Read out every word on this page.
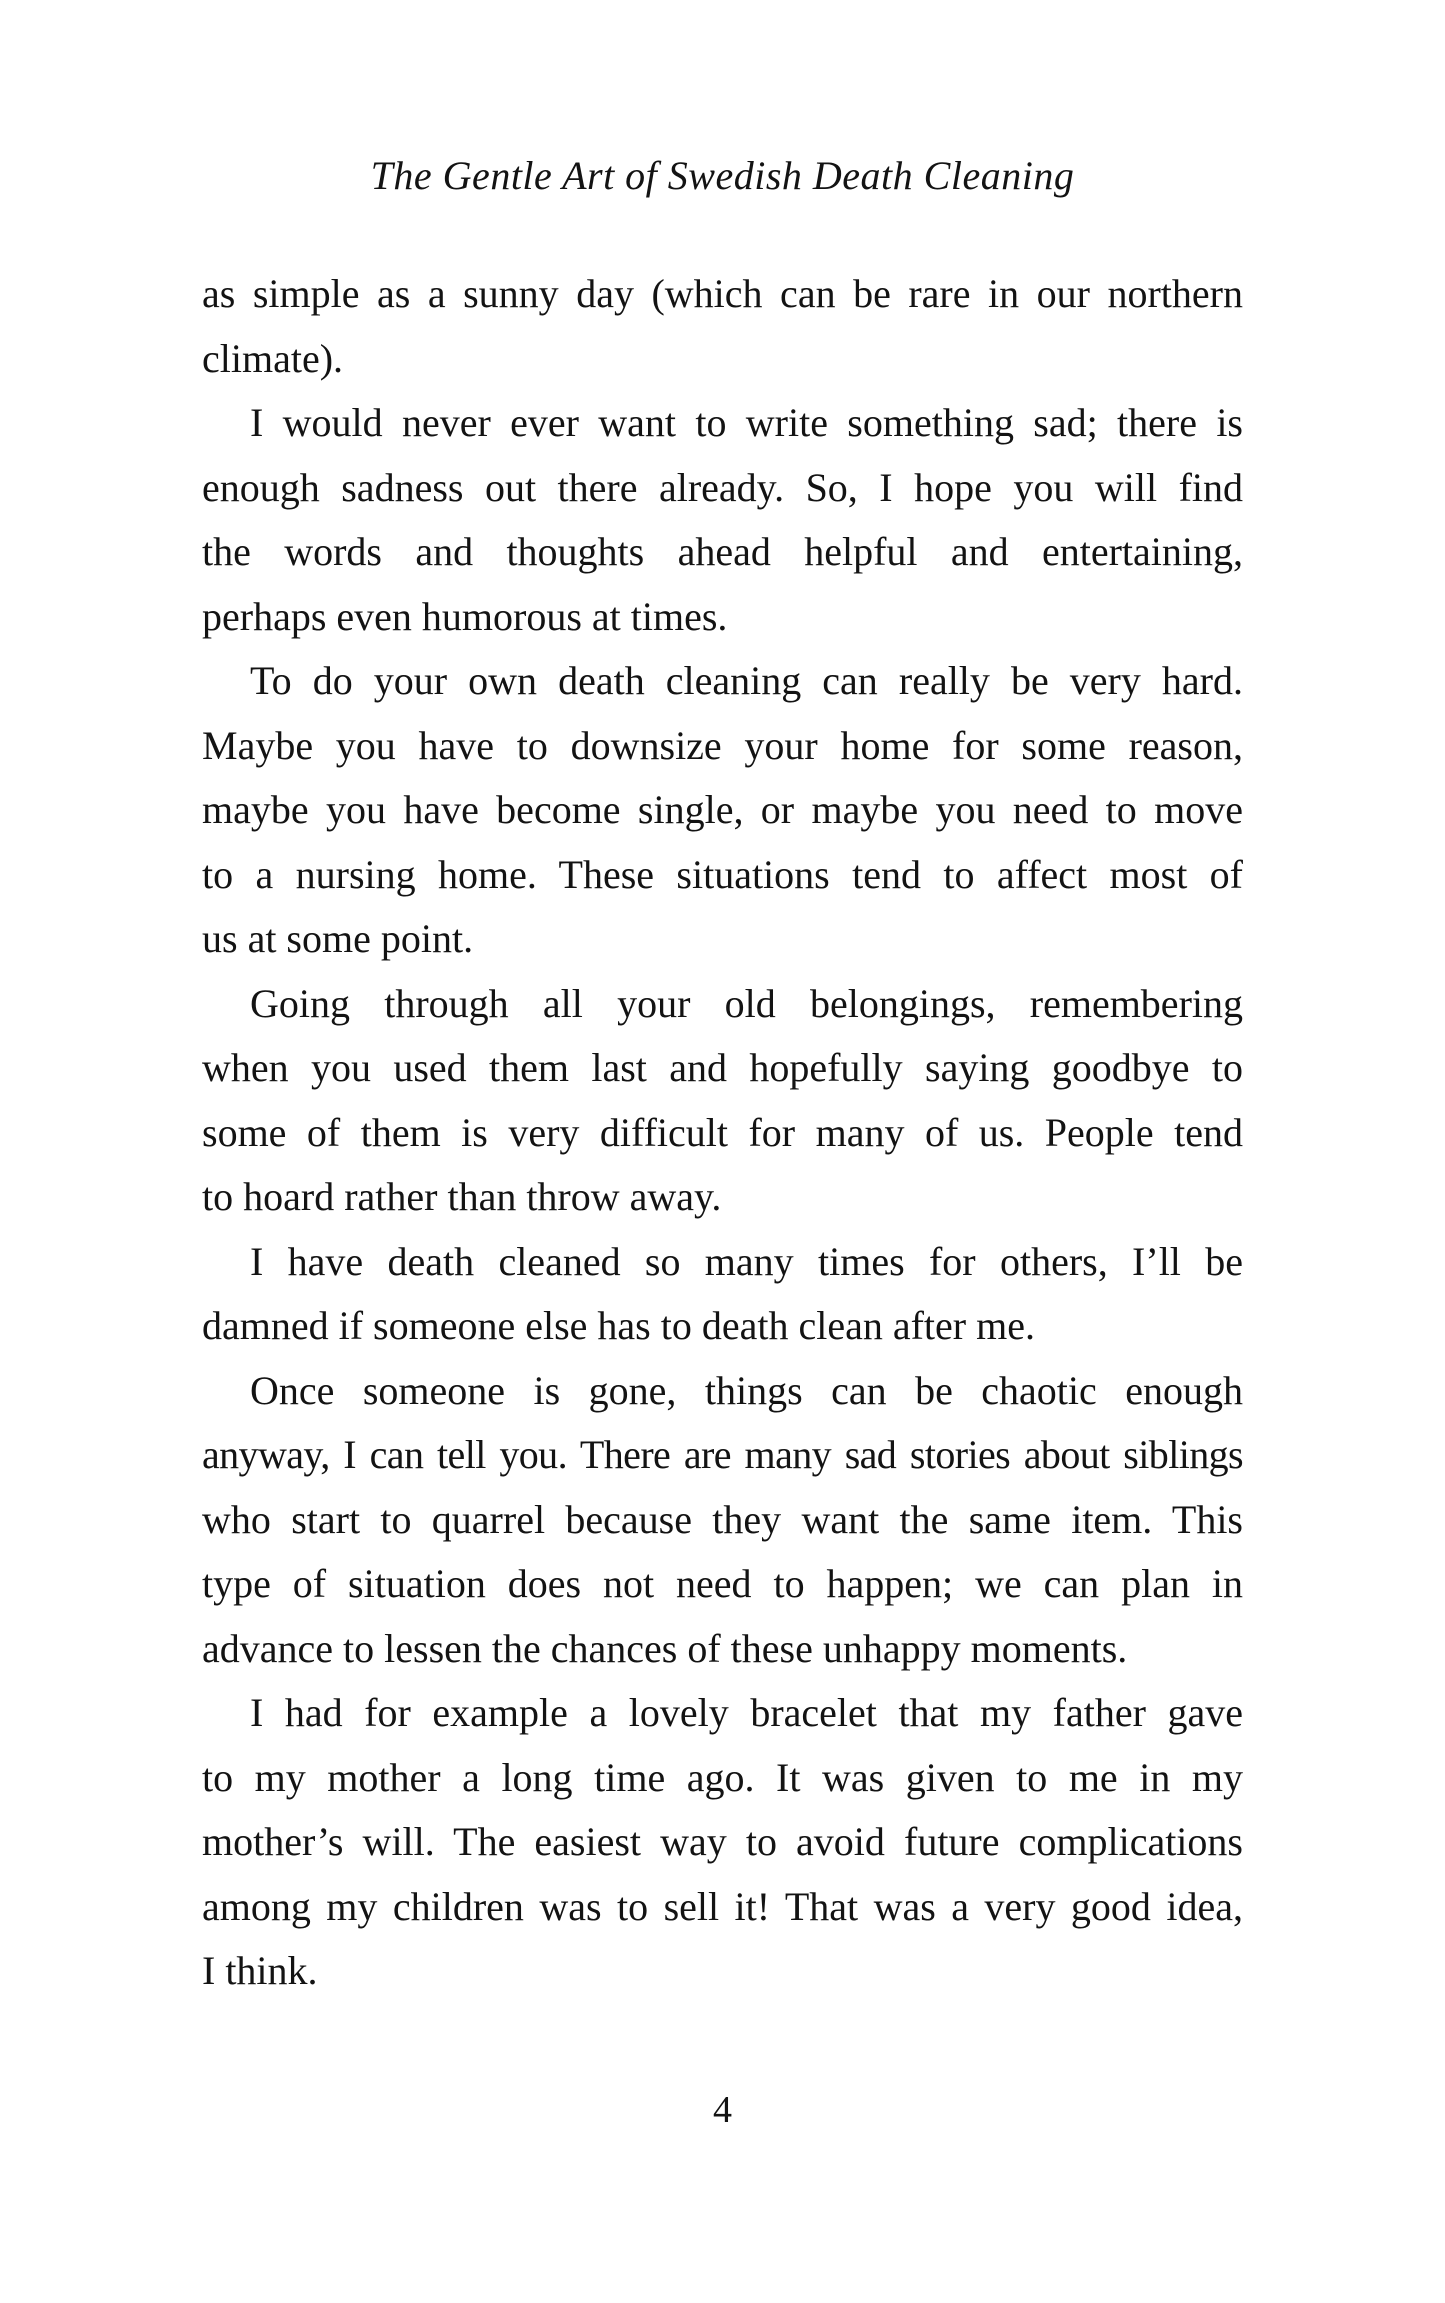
The Gentle Art of Swedish Death Cleaning
as simple as a sunny day (which can be rare in our northern
climate).
I would never ever want to write something sad; there is
enough sadness out there already. So, I hope you will find
the words and thoughts ahead helpful and entertaining,
perhaps even humorous at times.
To do your own death cleaning can really be very hard.
Maybe you have to downsize your home for some reason,
maybe you have become single, or maybe you need to move
to a nursing home. These situations tend to affect most of
us at some point.
Going through all your old belongings, remembering
when you used them last and hopefully saying goodbye to
some of them is very difficult for many of us. People tend
to hoard rather than throw away.
I have death cleaned so many times for others, I’ll be
damned if someone else has to death clean after me.
Once someone is gone, things can be chaotic enough
anyway, I can tell you. There are many sad stories about siblings
who start to quarrel because they want the same item. This
type of situation does not need to happen; we can plan in
advance to lessen the chances of these unhappy moments.
I had for example a lovely bracelet that my father gave
to my mother a long time ago. It was given to me in my
mother’s will. The easiest way to avoid future complications
among my children was to sell it! That was a very good idea,
I think.
4
